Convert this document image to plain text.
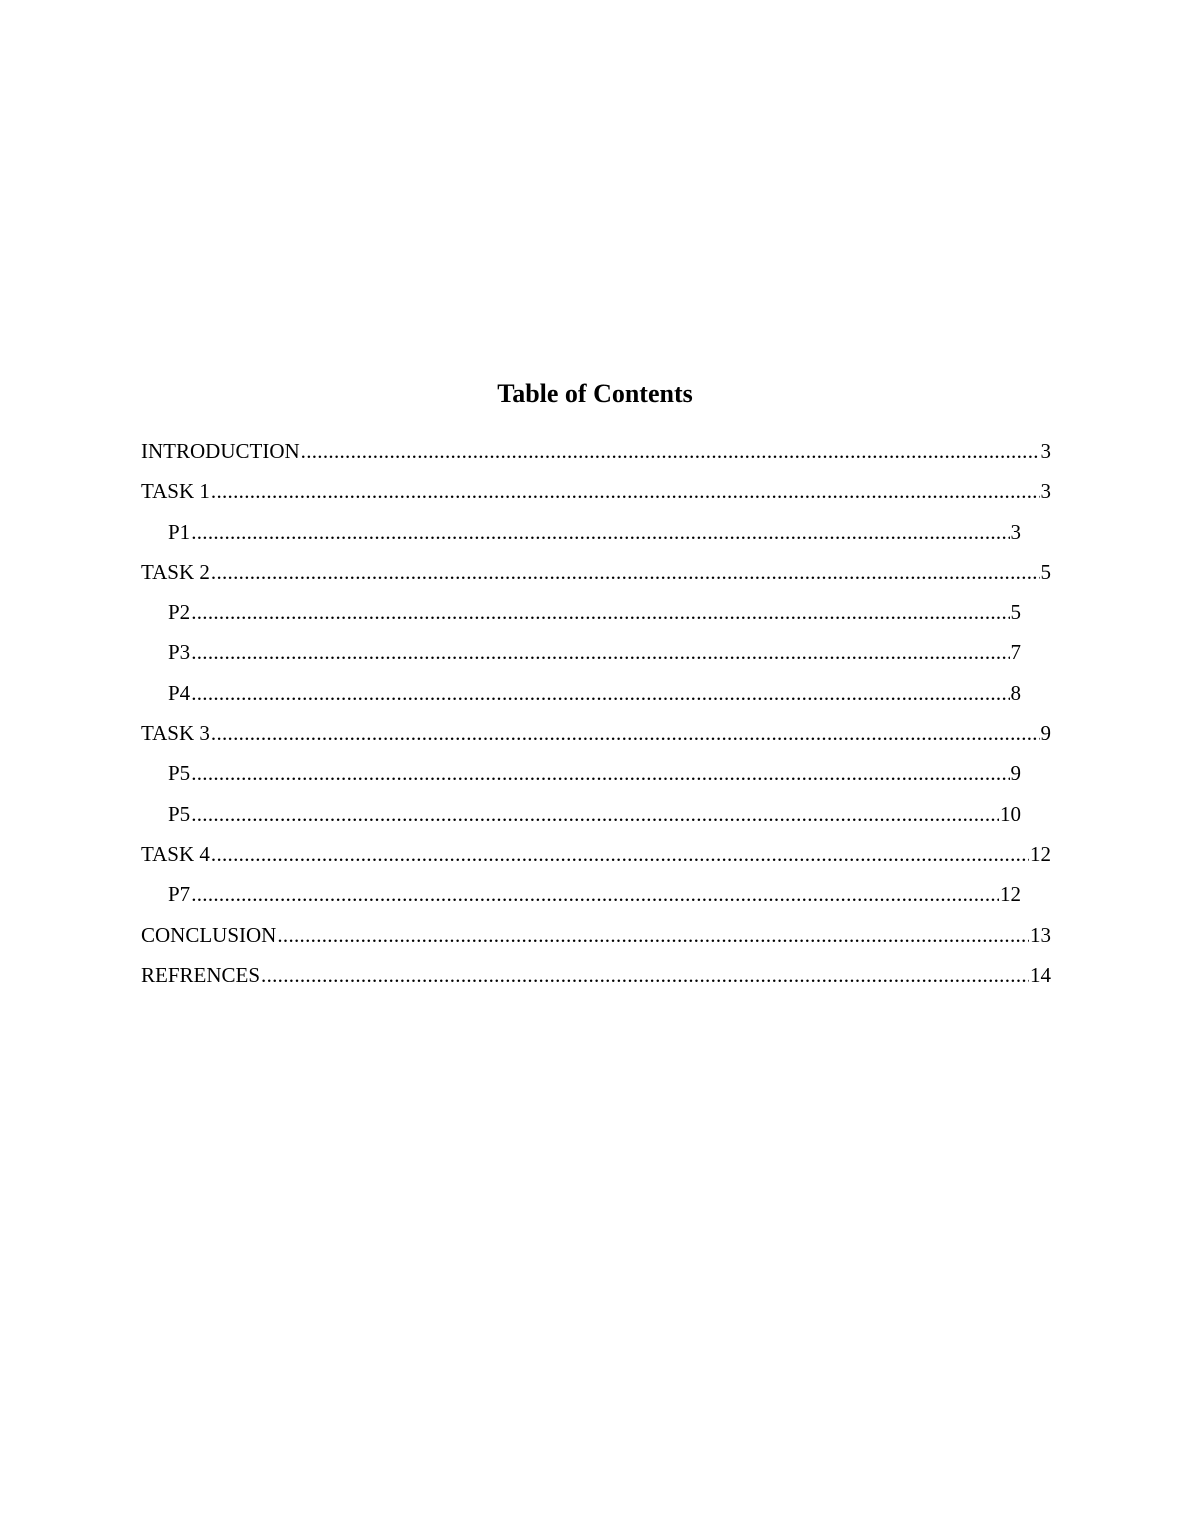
Table of Contents
INTRODUCTION .....	3
TASK 1 .....	3
P1 .....	3
TASK 2 .....	5
P2 .....	5
P3 .....	7
P4 .....	8
TASK 3 .....	9
P5 .....	9
P5 .....	10
TASK 4 .....	12
P7 .....	12
CONCLUSION .....	13
REFRENCES .....	14
